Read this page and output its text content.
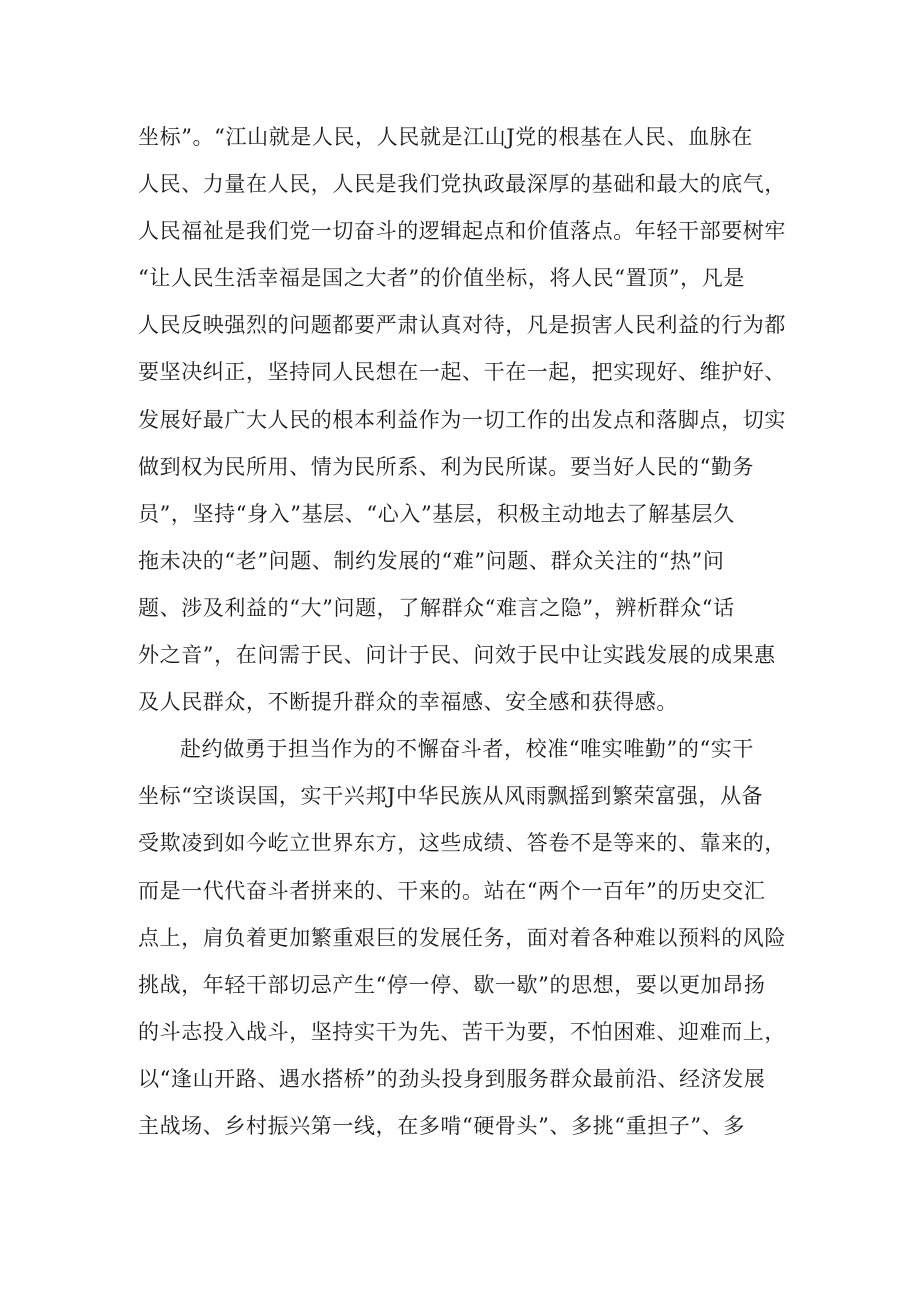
坐标”。“江山就是人民，人民就是江山J党的根基在人民、血脉在
人民、力量在人民，人民是我们党执政最深厚的基础和最大的底气，
人民福祉是我们党一切奋斗的逻辑起点和价值落点。年轻干部要树牢
“让人民生活幸福是国之大者”的价值坐标，将人民“置顶”，凡是
人民反映强烈的问题都要严肃认真对待，凡是损害人民利益的行为都
要坚决纠正，坚持同人民想在一起、干在一起，把实现好、维护好、
发展好最广大人民的根本利益作为一切工作的出发点和落脚点，切实
做到权为民所用、情为民所系、利为民所谋。要当好人民的“勤务
员”，坚持“身入”基层、“心入”基层，积极主动地去了解基层久
拖未决的“老”问题、制约发展的“难”问题、群众关注的“热”问
题、涉及利益的“大”问题，了解群众“难言之隐”，辨析群众“话
外之音”，在问需于民、问计于民、问效于民中让实践发展的成果惠
及人民群众，不断提升群众的幸福感、安全感和获得感。
赴约做勇于担当作为的不懈奋斗者，校准“唯实唯勤”的“实干
坐标“空谈误国，实干兴邦J中华民族从风雨飘摇到繁荣富强，从备
受欺凌到如今屹立世界东方，这些成绩、答卷不是等来的、靠来的，
而是一代代奋斗者拼来的、干来的。站在“两个一百年”的历史交汇
点上，肩负着更加繁重艰巨的发展任务，面对着各种难以预料的风险
挑战，年轻干部切忌产生“停一停、歇一歇”的思想，要以更加昂扬
的斗志投入战斗，坚持实干为先、苦干为要，不怕困难、迎难而上，
以“逢山开路、遇水搭桥”的劲头投身到服务群众最前沿、经济发展
主战场、乡村振兴第一线，在多啃“硬骨头”、多挑“重担子”、多
